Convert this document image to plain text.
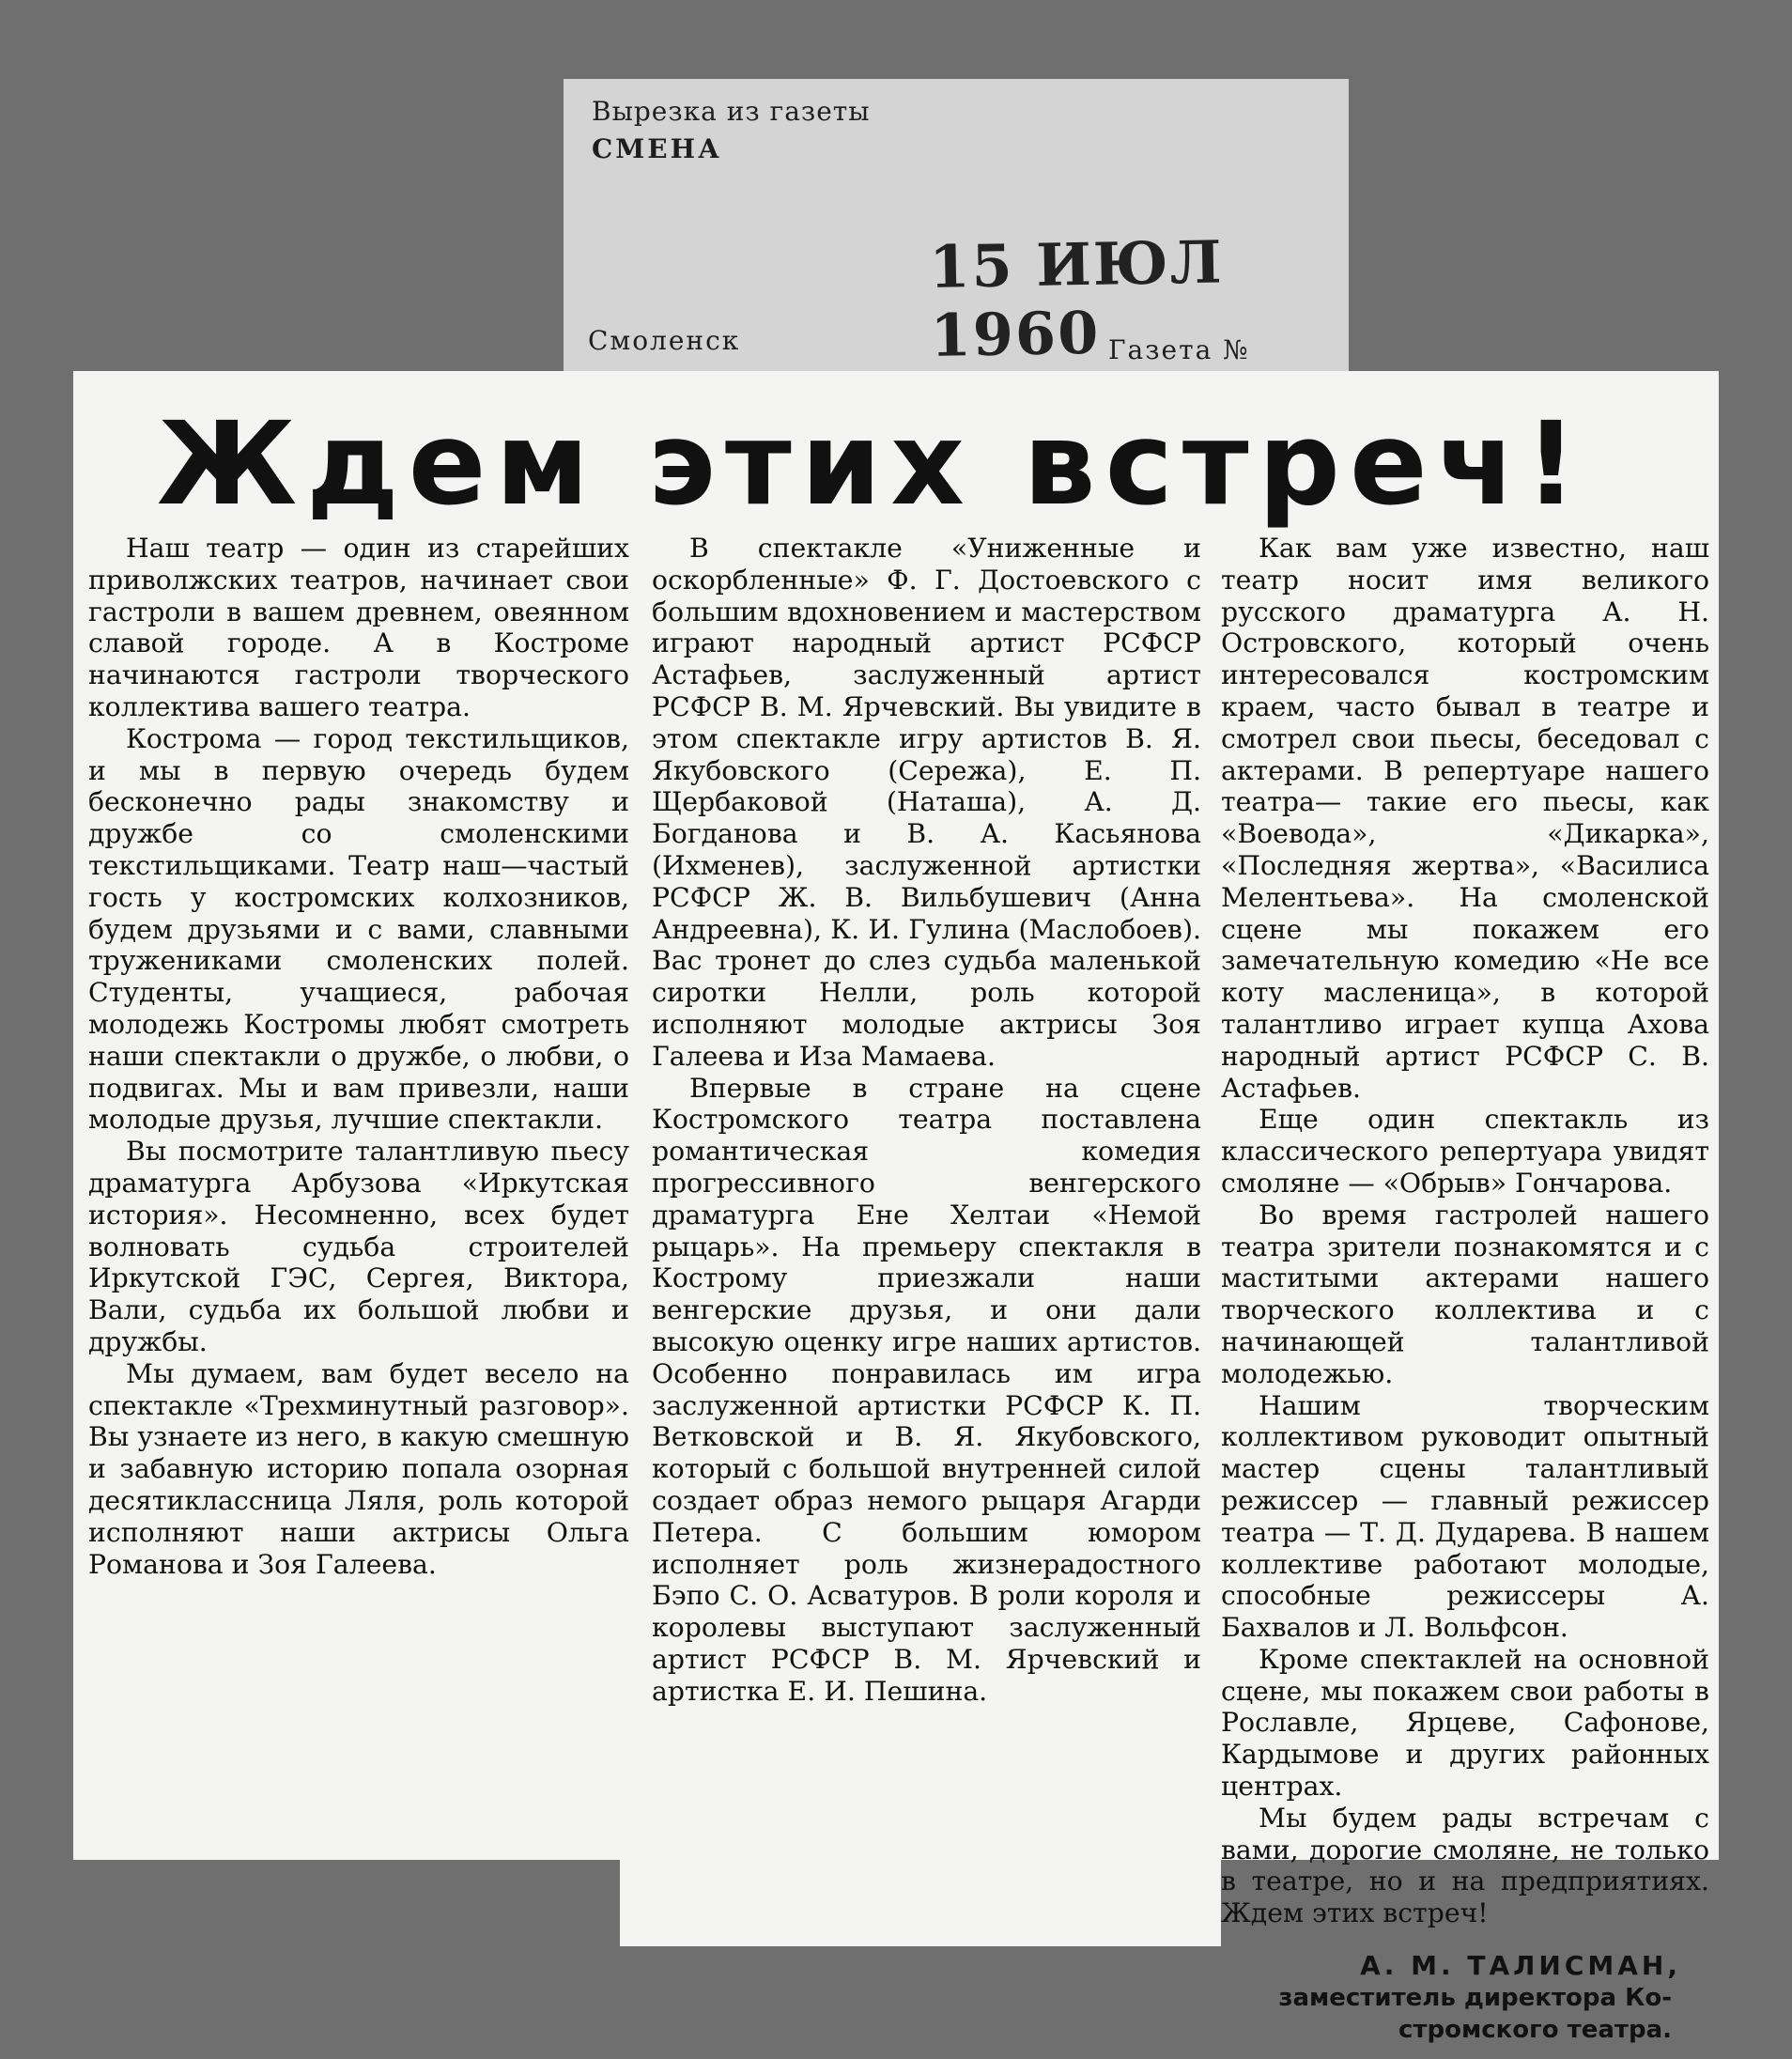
Вырезка из газеты
СМЕНА
15 ИЮЛ 1960
Смоленск	Газета №
Ждем этих встреч!

Наш театр — один из старейших приволжских театров, начинает свои гастроли в вашем древнем, овеянном славой городе. А в Костроме начинаются гастроли творческого коллектива вашего театра.

Кострома — город текстильщиков, и мы в первую очередь будем бесконечно рады знакомству и дружбе со смоленскими текстильщиками. Театр наш—частый гость у костромских колхозников, будем друзьями и с вами, славными тружениками смоленских полей. Студенты, учащиеся, рабочая молодежь Костромы любят смотреть наши спектакли о дружбе, о любви, о подвигах. Мы и вам привезли, наши молодые друзья, лучшие спектакли.

Вы посмотрите талантливую пьесу драматурга Арбузова «Иркутская история». Несомненно, всех будет волновать судьба строителей Иркутской ГЭС, Сергея, Виктора, Вали, судьба их большой любви и дружбы.

Мы думаем, вам будет весело на спектакле «Трехминутный разговор». Вы узнаете из него, в какую смешную и забавную историю попала озорная десятиклассница Ляля, роль которой исполняют наши актрисы Ольга Романова и Зоя Галеева.

В спектакле «Униженные и оскорбленные» Ф. Г. Достоевского с большим вдохновением и мастерством играют народный артист РСФСР Астафьев, заслуженный артист РСФСР В. М. Ярчевский. Вы увидите в этом спектакле игру артистов В. Я. Якубовского (Сережа), Е. П. Щербаковой (Наташа), А. Д. Богданова и В. А. Касьянова (Ихменев), заслуженной артистки РСФСР Ж. В. Вильбушевич (Анна Андреевна), К. И. Гулина (Маслобоев). Вас тронет до слез судьба маленькой сиротки Нелли, роль которой исполняют молодые актрисы Зоя Галеева и Иза Мамаева.

Впервые в стране на сцене Костромского театра поставлена романтическая комедия прогрессивного венгерского драматурга Ене Хелтаи «Немой рыцарь». На премьеру спектакля в Кострому приезжали наши венгерские друзья, и они дали высокую оценку игре наших артистов. Особенно понравилась им игра заслуженной артистки РСФСР К. П. Ветковской и В. Я. Якубовского, который с большой внутренней силой создает образ немого рыцаря Агарди Петера. С большим юмором исполняет роль жизнерадостного Бэпо С. О. Асватуров. В роли короля и королевы выступают заслуженный артист РСФСР В. М. Ярчевский и артистка Е. И. Пешина.

Как вам уже известно, наш театр носит имя великого русского драматурга А. Н. Островского, который очень интересовался костромским краем, часто бывал в театре и смотрел свои пьесы, беседовал с актерами. В репертуаре нашего театра— такие его пьесы, как «Воевода», «Дикарка», «Последняя жертва», «Василиса Мелентьева». На смоленской сцене мы покажем его замечательную комедию «Не все коту масленица», в которой талантливо играет купца Ахова народный артист РСФСР С. В. Астафьев.

Еще один спектакль из классического репертуара увидят смоляне — «Обрыв» Гончарова.

Во время гастролей нашего театра зрители познакомятся и с маститыми актерами нашего творческого коллектива и с начинающей талантливой молодежью.

Нашим творческим коллективом руководит опытный мастер сцены талантливый режиссер — главный режиссер театра — Т. Д. Дударева. В нашем коллективе работают молодые, способные режиссеры А. Бахвалов и Л. Вольфсон.

Кроме спектаклей на основной сцене, мы покажем свои работы в Рославле, Ярцеве, Сафонове, Кардымове и других районных центрах.

Мы будем рады встречам с вами, дорогие смоляне, не только в театре, но и на предприятиях. Ждем этих встреч!

А. М. ТАЛИСМАН,
заместитель директора Ко-
стромского театра.
